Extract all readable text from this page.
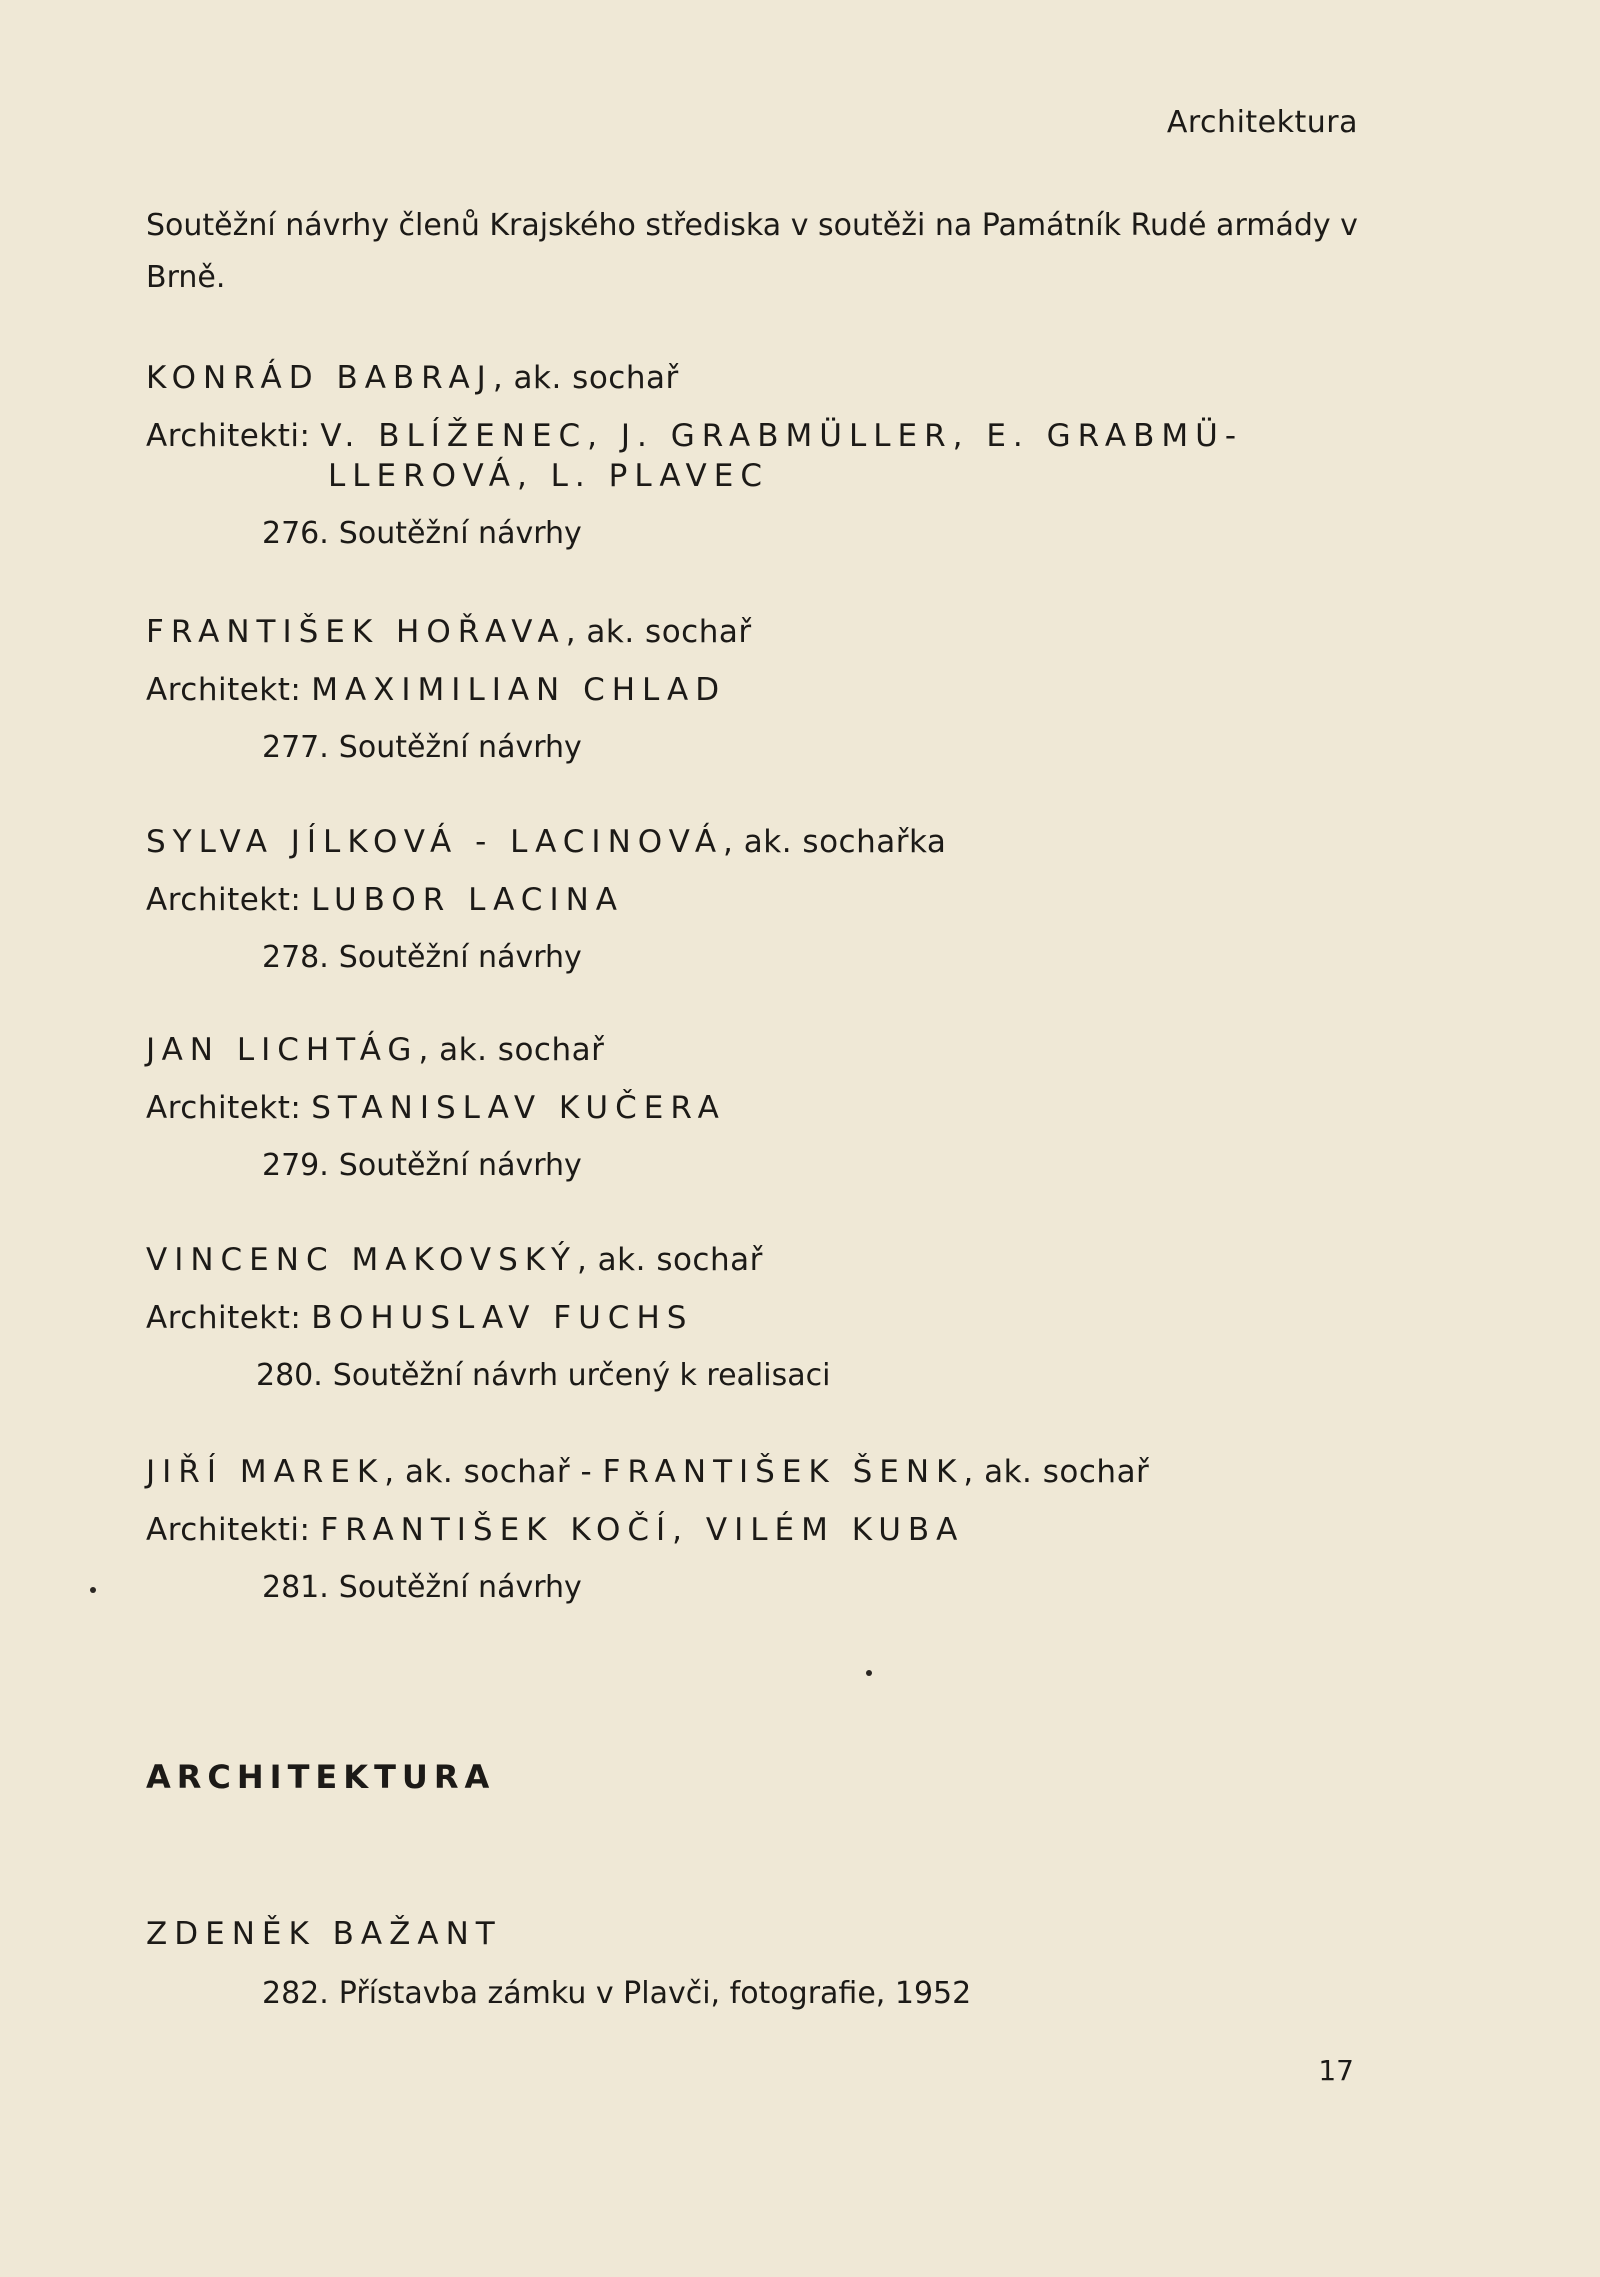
Architektura
Soutěžní návrhy členů Krajského střediska v soutěži na Památník Rudé armády v Brně.
KONRÁD BABRAJ, ak. sochař
Architekti: V. BLÍŽENEC, J. GRABMÜLLER, E. GRABMÜ-
LLEROVÁ, L. PLAVEC
276. Soutěžní návrhy
FRANTIŠEK HOŘAVA, ak. sochař
Architekt: MAXIMILIAN CHLAD
277. Soutěžní návrhy
SYLVA JÍLKOVÁ - LACINOVÁ, ak. sochařka
Architekt: LUBOR LACINA
278. Soutěžní návrhy
JAN LICHTÁG, ak. sochař
Architekt: STANISLAV KUČERA
279. Soutěžní návrhy
VINCENC MAKOVSKÝ, ak. sochař
Architekt: BOHUSLAV FUCHS
280. Soutěžní návrh určený k realisaci
JIŘÍ MAREK, ak. sochař - FRANTIŠEK ŠENK, ak. sochař
Architekti: FRANTIŠEK KOČÍ, VILÉM KUBA
281. Soutěžní návrhy
ARCHITEKTURA
ZDENĚK BAŽANT
282. Přístavba zámku v Plavči, fotografie, 1952
17
